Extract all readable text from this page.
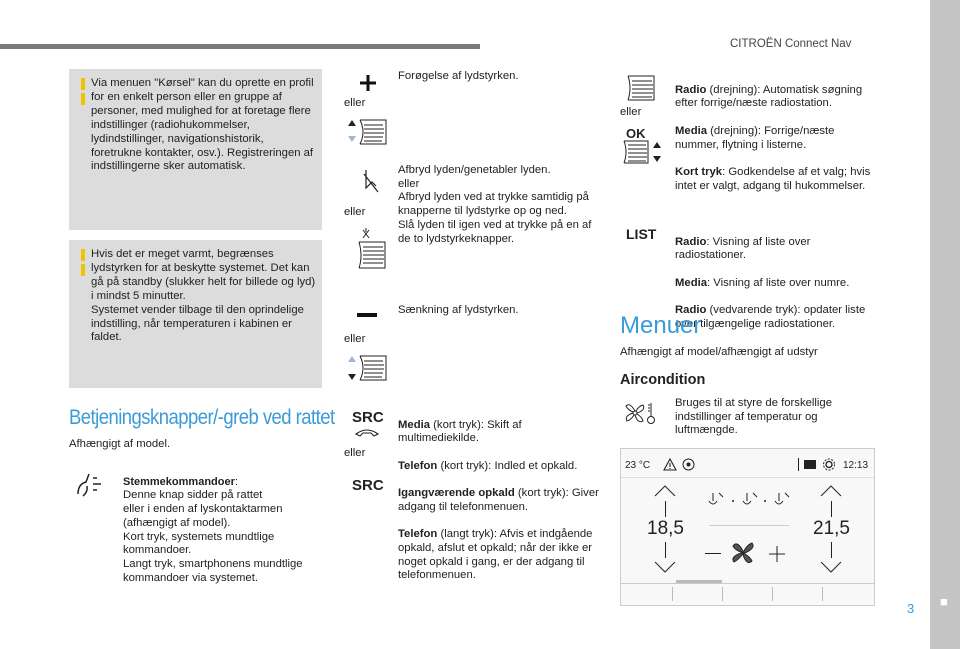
CITROËN Connect Nav
■
3

Via menuen "Kørsel" kan du oprette en profil for en enkelt person eller en gruppe af personer, med mulighed for at foretage flere indstillinger (radiohukommelser, lydindstillinger, navigationshistorik, foretrukne kontakter, osv.). Registreringen af indstillingerne sker automatisk.

Hvis det er meget varmt, begrænses lydstyrken for at beskytte systemet. Det kan gå på standby (slukker helt for billede og lyd) i mindst 5 minutter.
Systemet vender tilbage til den oprindelige indstilling, når temperaturen i kabinen er faldet.

Betjeningsknapper/-greb ved rattet
Afhængigt af model.

Stemmekommandoer:

Denne knap sidder på rattet
eller i enden af lyskontaktarmen (afhængigt af model).
Kort tryk, systemets mundtlige kommandoer.
Langt tryk, smartphonens mundtlige kommandoer via systemet.

eller
Forøgelse af lydstyrken.
eller
Afbryd lyden/genetabler lyden.
eller
Afbryd lyden ved at trykke samtidig på knapperne til lydstyrke op og ned.
Slå lyden til igen ved at trykke på en af de to lydstyrkeknapper.
eller
Sænkning af lydstyrken.
SRC
eller
SRC

Media (kort tryk): Skift af multimediekilde.

Telefon (kort tryk): Indled et opkald.

Igangværende opkald (kort tryk): Giver adgang til telefonmenuen.

Telefon (langt tryk): Afvis et indgående opkald, afslut et opkald; når der ikke er noget opkald i gang, er der adgang til telefonmenuen.

eller
OK

Radio (drejning): Automatisk søgning efter forrige/næste radiostation.

Media (drejning): Forrige/næste nummer, flytning i listerne.

Kort tryk: Godkendelse af et valg; hvis intet er valgt, adgang til hukommelser.

LIST Radio: Visning af liste over radiostationer.

Media: Visning af liste over numre.

Radio (vedvarende tryk): opdater liste over tilgængelige radiostationer.

Menuer
Afhængigt af model/afhængigt af udstyr
Aircondition
Bruges til at styre de forskellige indstillinger af temperatur og luftmængde.
23 °C	12:13
18,5	21,5
